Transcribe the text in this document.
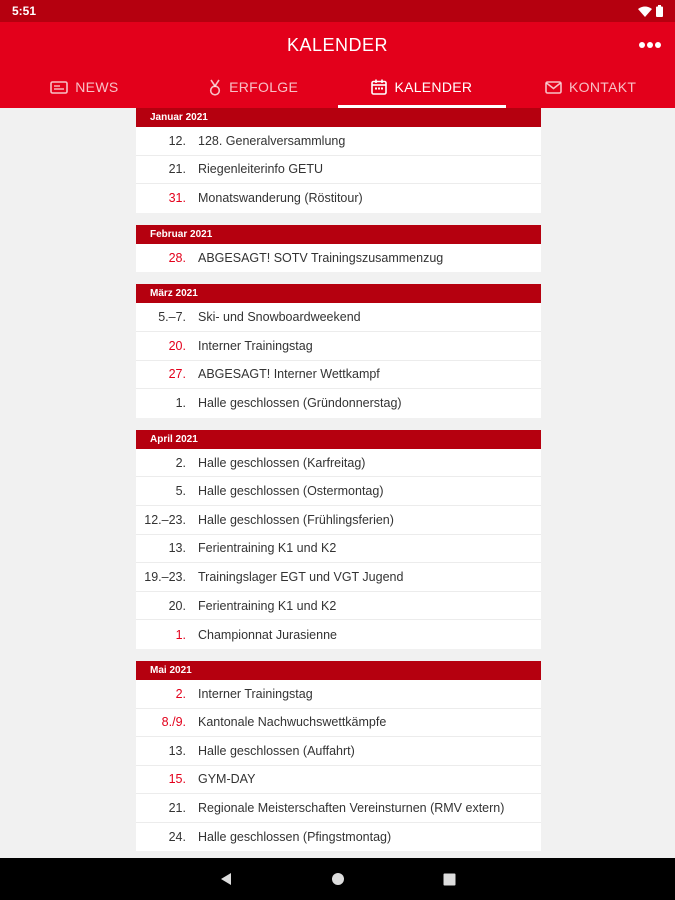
5:51
KALENDER
NEWS	ERFOLGE	KALENDER	KONTAKT
Januar 2021
12. 128. Generalversammlung
21. Riegenleiterinfo GETU
31. Monatswanderung (Röstitour)
Februar 2021
28. ABGESAGT! SOTV Trainingszusammenzug
März 2021
5.–7. Ski- und Snowboardweekend
20. Interner Trainingstag
27. ABGESAGT! Interner Wettkampf
1. Halle geschlossen (Gründonnerstag)
April 2021
2. Halle geschlossen (Karfreitag)
5. Halle geschlossen (Ostermontag)
12.–23. Halle geschlossen (Frühlingsferien)
13. Ferientraining K1 und K2
19.–23. Trainingslager EGT und VGT Jugend
20. Ferientraining K1 und K2
1. Championnat Jurasienne
Mai 2021
2. Interner Trainingstag
8./9. Kantonale Nachwuchswettkämpfe
13. Halle geschlossen (Auffahrt)
15. GYM-DAY
21. Regionale Meisterschaften Vereinsturnen (RMV extern)
24. Halle geschlossen (Pfingstmontag)
